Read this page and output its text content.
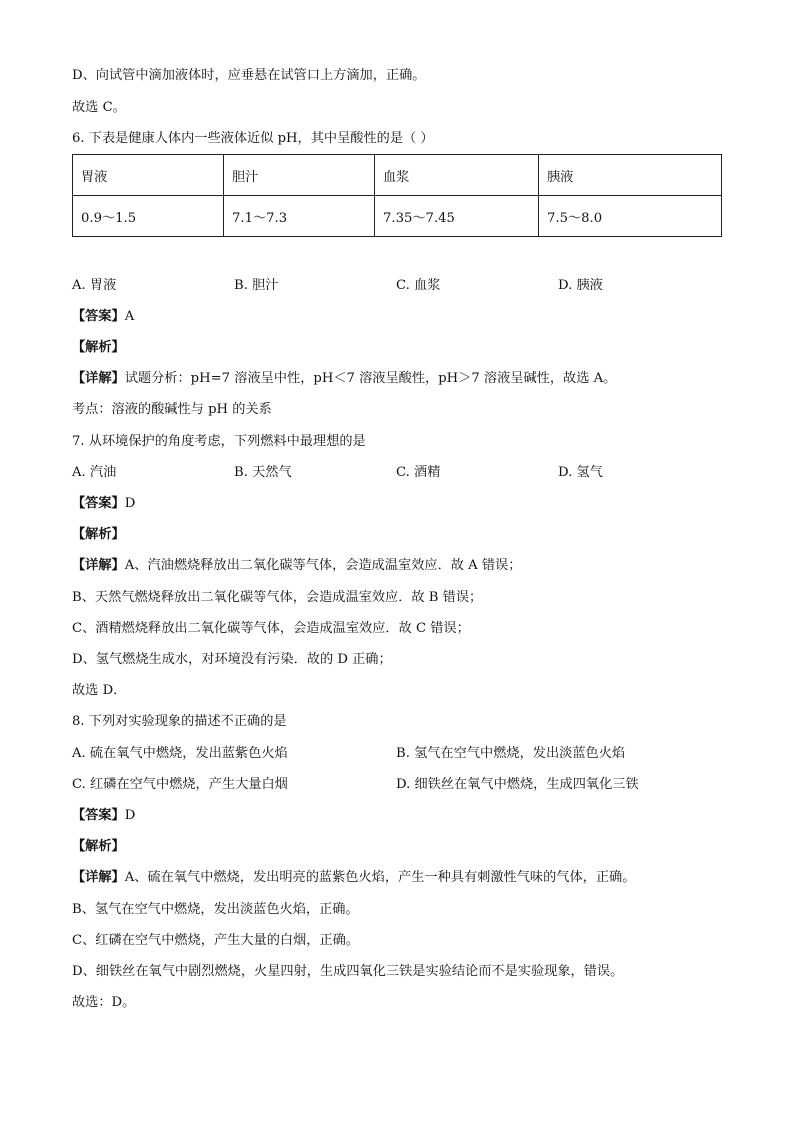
D、向试管中滴加液体时，应垂悬在试管口上方滴加，正确。
故选 C。
6. 下表是健康人体内一些液体近似 pH，其中呈酸性的是（ ）
胃液	胆汁	血浆	胰液
0.9～1.5	7.1～7.3	7.35～7.45	7.5～8.0
A. 胃液	B. 胆汁	C. 血浆	D. 胰液
【答案】A
【解析】
【详解】试题分析：pH=7 溶液呈中性，pH＜7 溶液呈酸性，pH＞7 溶液呈碱性，故选 A。
考点：溶液的酸碱性与 pH 的关系
7. 从环境保护的角度考虑，下列燃料中最理想的是
A. 汽油	B. 天然气	C. 酒精	D. 氢气
【答案】D
【解析】
【详解】A、汽油燃烧释放出二氧化碳等气体，会造成温室效应．故 A 错误；
B、天然气燃烧释放出二氧化碳等气体，会造成温室效应．故 B 错误；
C、酒精燃烧释放出二氧化碳等气体，会造成温室效应．故 C 错误；
D、氢气燃烧生成水，对环境没有污染．故的 D 正确；
故选 D．
8. 下列对实验现象的描述不正确的是
A. 硫在氧气中燃烧，发出蓝紫色火焰	B. 氢气在空气中燃烧，发出淡蓝色火焰
C. 红磷在空气中燃烧，产生大量白烟	D. 细铁丝在氧气中燃烧，生成四氧化三铁
【答案】D
【解析】
【详解】A、硫在氧气中燃烧，发出明亮的蓝紫色火焰，产生一种具有刺激性气味的气体，正确。
B、氢气在空气中燃烧，发出淡蓝色火焰，正确。
C、红磷在空气中燃烧，产生大量的白烟，正确。
D、细铁丝在氧气中剧烈燃烧，火星四射，生成四氧化三铁是实验结论而不是实验现象，错误。
故选：D。
